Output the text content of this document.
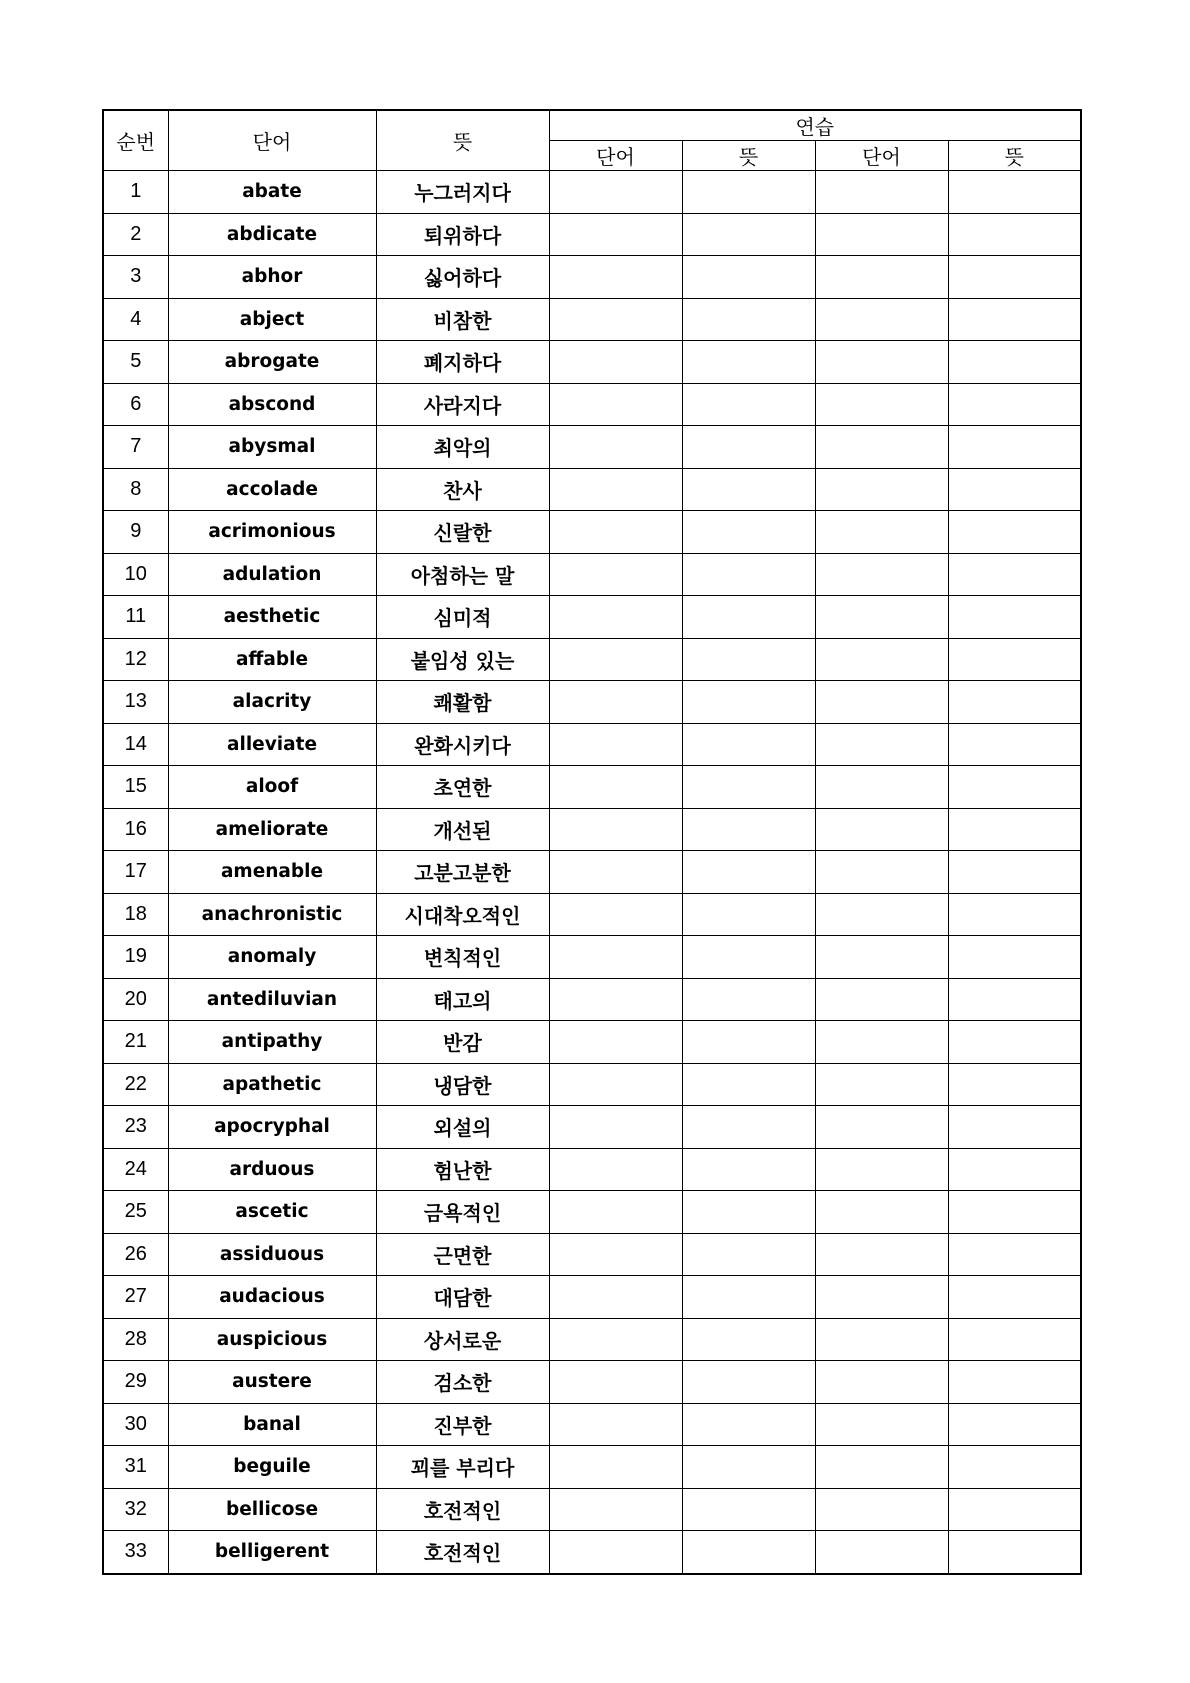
순번	단어	뜻	연습			
			단어	뜻	단어	뜻
1	abate	누그러지다				
2	abdicate	퇴위하다				
3	abhor	싫어하다				
4	abject	비참한				
5	abrogate	폐지하다				
6	abscond	사라지다				
7	abysmal	최악의				
8	accolade	찬사				
9	acrimonious	신랄한				
10	adulation	아첨하는 말				
11	aesthetic	심미적				
12	affable	붙임성 있는				
13	alacrity	쾌활함				
14	alleviate	완화시키다				
15	aloof	초연한				
16	ameliorate	개선된				
17	amenable	고분고분한				
18	anachronistic	시대착오적인				
19	anomaly	변칙적인				
20	antediluvian	태고의				
21	antipathy	반감				
22	apathetic	냉담한				
23	apocryphal	외설의				
24	arduous	험난한				
25	ascetic	금욕적인				
26	assiduous	근면한				
27	audacious	대담한				
28	auspicious	상서로운				
29	austere	검소한				
30	banal	진부한				
31	beguile	꾀를 부리다				
32	bellicose	호전적인				
33	belligerent	호전적인				
